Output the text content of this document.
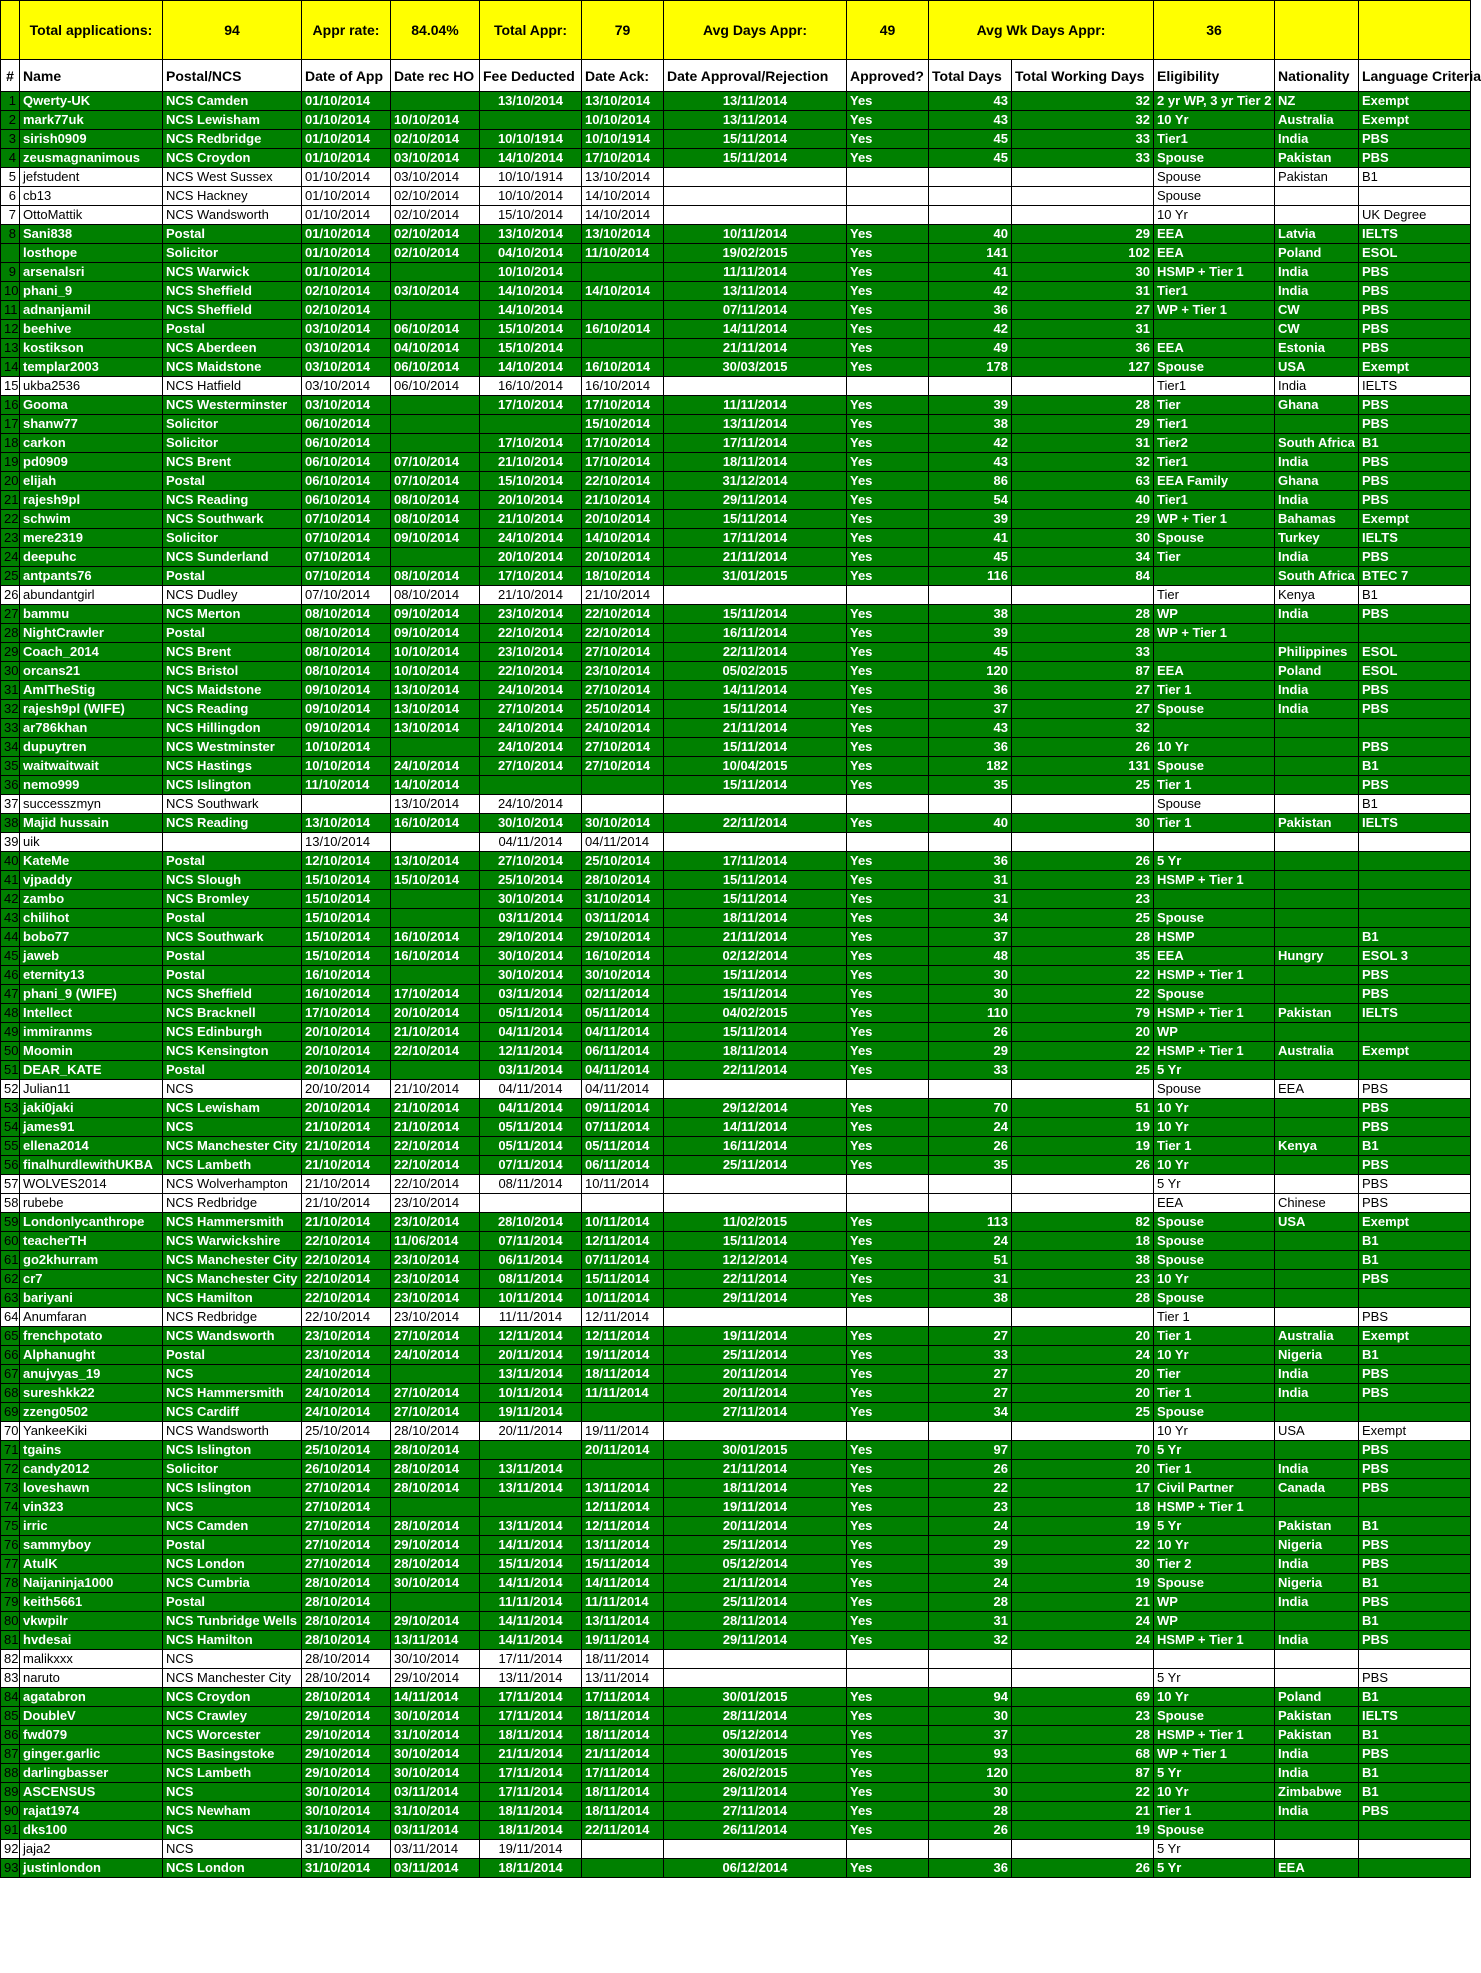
	Total applications:	94	Appr rate:	84.04%	Total Appr:	79	Avg Days Appr:	49	Avg Wk Days Appr:		36		
#	Name	Postal/NCS	Date of App	Date rec HO	Fee Deducted	Date Ack:	Date Approval/Rejection	Approved?	Total Days	Total Working Days	Eligibility	Nationality	Language Criteria
1	Qwerty-UK	NCS Camden	01/10/2014		13/10/2014	13/10/2014	13/11/2014	Yes	43	32	2 yr WP, 3 yr Tier 2	NZ	Exempt
2	mark77uk	NCS Lewisham	01/10/2014	10/10/2014		10/10/2014	13/11/2014	Yes	43	32	10 Yr	Australia	Exempt
3	sirish0909	NCS Redbridge	01/10/2014	02/10/2014	10/10/1914	10/10/1914	15/11/2014	Yes	45	33	Tier1	India	PBS
4	zeusmagnanimous	NCS Croydon	01/10/2014	03/10/2014	14/10/2014	17/10/2014	15/11/2014	Yes	45	33	Spouse	Pakistan	PBS
5	jefstudent	NCS West Sussex	01/10/2014	03/10/2014	10/10/1914	13/10/2014					Spouse	Pakistan	B1
6	cb13	NCS Hackney	01/10/2014	02/10/2014	10/10/2014	14/10/2014					Spouse		
7	OttoMattik	NCS Wandsworth	01/10/2014	02/10/2014	15/10/2014	14/10/2014					10 Yr		UK Degree
8	Sani838	Postal	01/10/2014	02/10/2014	13/10/2014	13/10/2014	10/11/2014	Yes	40	29	EEA	Latvia	IELTS
	losthope	Solicitor	01/10/2014	02/10/2014	04/10/2014	11/10/2014	19/02/2015	Yes	141	102	EEA	Poland	ESOL
9	arsenalsri	NCS Warwick	01/10/2014		10/10/2014		11/11/2014	Yes	41	30	HSMP + Tier 1	India	PBS
10	phani_9	NCS Sheffield	02/10/2014	03/10/2014	14/10/2014	14/10/2014	13/11/2014	Yes	42	31	Tier1	India	PBS
11	adnanjamil	NCS Sheffield	02/10/2014		14/10/2014		07/11/2014	Yes	36	27	WP + Tier 1	CW	PBS
12	beehive	Postal	03/10/2014	06/10/2014	15/10/2014	16/10/2014	14/11/2014	Yes	42	31		CW	PBS
13	kostikson	NCS Aberdeen	03/10/2014	04/10/2014	15/10/2014		21/11/2014	Yes	49	36	EEA	Estonia	PBS
14	templar2003	NCS Maidstone	03/10/2014	06/10/2014	14/10/2014	16/10/2014	30/03/2015	Yes	178	127	Spouse	USA	Exempt
15	ukba2536	NCS Hatfield	03/10/2014	06/10/2014	16/10/2014	16/10/2014					Tier1	India	IELTS
16	Gooma	NCS Westerminster	03/10/2014		17/10/2014	17/10/2014	11/11/2014	Yes	39	28	Tier	Ghana	PBS
17	shanw77	Solicitor	06/10/2014			15/10/2014	13/11/2014	Yes	38	29	Tier1		PBS
18	carkon	Solicitor	06/10/2014		17/10/2014	17/10/2014	17/11/2014	Yes	42	31	Tier2	South Africa	B1
19	pd0909	NCS Brent	06/10/2014	07/10/2014	21/10/2014	17/10/2014	18/11/2014	Yes	43	32	Tier1	India	PBS
20	elijah	Postal	06/10/2014	07/10/2014	15/10/2014	22/10/2014	31/12/2014	Yes	86	63	EEA Family	Ghana	PBS
21	rajesh9pl	NCS Reading	06/10/2014	08/10/2014	20/10/2014	21/10/2014	29/11/2014	Yes	54	40	Tier1	India	PBS
22	schwim	NCS Southwark	07/10/2014	08/10/2014	21/10/2014	20/10/2014	15/11/2014	Yes	39	29	WP + Tier 1	Bahamas	Exempt
23	mere2319	Solicitor	07/10/2014	09/10/2014	24/10/2014	14/10/2014	17/11/2014	Yes	41	30	Spouse	Turkey	IELTS
24	deepuhc	NCS Sunderland	07/10/2014		20/10/2014	20/10/2014	21/11/2014	Yes	45	34	Tier	India	PBS
25	antpants76	Postal	07/10/2014	08/10/2014	17/10/2014	18/10/2014	31/01/2015	Yes	116	84		South Africa	BTEC 7
26	abundantgirl	NCS Dudley	07/10/2014	08/10/2014	21/10/2014	21/10/2014					Tier	Kenya	B1
27	bammu	NCS Merton	08/10/2014	09/10/2014	23/10/2014	22/10/2014	15/11/2014	Yes	38	28	WP	India	PBS
28	NightCrawler	Postal	08/10/2014	09/10/2014	22/10/2014	22/10/2014	16/11/2014	Yes	39	28	WP + Tier 1		
29	Coach_2014	NCS Brent	08/10/2014	10/10/2014	23/10/2014	27/10/2014	22/11/2014	Yes	45	33		Philippines	ESOL
30	orcans21	NCS Bristol	08/10/2014	10/10/2014	22/10/2014	23/10/2014	05/02/2015	Yes	120	87	EEA	Poland	ESOL
31	AmITheStig	NCS Maidstone	09/10/2014	13/10/2014	24/10/2014	27/10/2014	14/11/2014	Yes	36	27	Tier 1	India	PBS
32	rajesh9pl (WIFE)	NCS Reading	09/10/2014	13/10/2014	27/10/2014	25/10/2014	15/11/2014	Yes	37	27	Spouse	India	PBS
33	ar786khan	NCS Hillingdon	09/10/2014	13/10/2014	24/10/2014	24/10/2014	21/11/2014	Yes	43	32			
34	dupuytren	NCS Westminster	10/10/2014		24/10/2014	27/10/2014	15/11/2014	Yes	36	26	10 Yr		PBS
35	waitwaitwait	NCS Hastings	10/10/2014	24/10/2014	27/10/2014	27/10/2014	10/04/2015	Yes	182	131	Spouse		B1
36	nemo999	NCS Islington	11/10/2014	14/10/2014			15/11/2014	Yes	35	25	Tier 1		PBS
37	successzmyn	NCS Southwark		13/10/2014	24/10/2014						Spouse		B1
38	Majid hussain	NCS Reading	13/10/2014	16/10/2014	30/10/2014	30/10/2014	22/11/2014	Yes	40	30	Tier 1	Pakistan	IELTS
39	uik		13/10/2014		04/11/2014	04/11/2014							
40	KateMe	Postal	12/10/2014	13/10/2014	27/10/2014	25/10/2014	17/11/2014	Yes	36	26	5 Yr		
41	vjpaddy	NCS Slough	15/10/2014	15/10/2014	25/10/2014	28/10/2014	15/11/2014	Yes	31	23	HSMP + Tier 1		
42	zambo	NCS Bromley	15/10/2014		30/10/2014	31/10/2014	15/11/2014	Yes	31	23			
43	chilihot	Postal	15/10/2014		03/11/2014	03/11/2014	18/11/2014	Yes	34	25	Spouse		
44	bobo77	NCS Southwark	15/10/2014	16/10/2014	29/10/2014	29/10/2014	21/11/2014	Yes	37	28	HSMP		B1
45	jaweb	Postal	15/10/2014	16/10/2014	30/10/2014	16/10/2014	02/12/2014	Yes	48	35	EEA	Hungry	ESOL 3
46	eternity13	Postal	16/10/2014		30/10/2014	30/10/2014	15/11/2014	Yes	30	22	HSMP + Tier 1		PBS
47	phani_9 (WIFE)	NCS Sheffield	16/10/2014	17/10/2014	03/11/2014	02/11/2014	15/11/2014	Yes	30	22	Spouse		PBS
48	Intellect	NCS Bracknell	17/10/2014	20/10/2014	05/11/2014	05/11/2014	04/02/2015	Yes	110	79	HSMP + Tier 1	Pakistan	IELTS
49	immiranms	NCS Edinburgh	20/10/2014	21/10/2014	04/11/2014	04/11/2014	15/11/2014	Yes	26	20	WP		
50	Moomin	NCS Kensington	20/10/2014	22/10/2014	12/11/2014	06/11/2014	18/11/2014	Yes	29	22	HSMP + Tier 1	Australia	Exempt
51	DEAR_KATE	Postal	20/10/2014		03/11/2014	04/11/2014	22/11/2014	Yes	33	25	5 Yr		
52	Julian11	NCS	20/10/2014	21/10/2014	04/11/2014	04/11/2014					Spouse	EEA	PBS
53	jaki0jaki	NCS Lewisham	20/10/2014	21/10/2014	04/11/2014	09/11/2014	29/12/2014	Yes	70	51	10 Yr		PBS
54	james91	NCS	21/10/2014	21/10/2014	05/11/2014	07/11/2014	14/11/2014	Yes	24	19	10 Yr		PBS
55	ellena2014	NCS Manchester City	21/10/2014	22/10/2014	05/11/2014	05/11/2014	16/11/2014	Yes	26	19	Tier 1	Kenya	B1
56	finalhurdlewithUKBA	NCS Lambeth	21/10/2014	22/10/2014	07/11/2014	06/11/2014	25/11/2014	Yes	35	26	10 Yr		PBS
57	WOLVES2014	NCS Wolverhampton	21/10/2014	22/10/2014	08/11/2014	10/11/2014					5 Yr		PBS
58	rubebe	NCS Redbridge	21/10/2014	23/10/2014							EEA	Chinese	PBS
59	Londonlycanthrope	NCS Hammersmith	21/10/2014	23/10/2014	28/10/2014	10/11/2014	11/02/2015	Yes	113	82	Spouse	USA	Exempt
60	teacherTH	NCS Warwickshire	22/10/2014	11/06/2014	07/11/2014	12/11/2014	15/11/2014	Yes	24	18	Spouse		B1
61	go2khurram	NCS Manchester City	22/10/2014	23/10/2014	06/11/2014	07/11/2014	12/12/2014	Yes	51	38	Spouse		B1
62	cr7	NCS Manchester City	22/10/2014	23/10/2014	08/11/2014	15/11/2014	22/11/2014	Yes	31	23	10 Yr		PBS
63	bariyani	NCS Hamilton	22/10/2014	23/10/2014	10/11/2014	10/11/2014	29/11/2014	Yes	38	28	Spouse		
64	Anumfaran	NCS Redbridge	22/10/2014	23/10/2014	11/11/2014	12/11/2014					Tier 1		PBS
65	frenchpotato	NCS Wandsworth	23/10/2014	27/10/2014	12/11/2014	12/11/2014	19/11/2014	Yes	27	20	Tier 1	Australia	Exempt
66	Alphanught	Postal	23/10/2014	24/10/2014	20/11/2014	19/11/2014	25/11/2014	Yes	33	24	10 Yr	Nigeria	B1
67	anujvyas_19	NCS	24/10/2014		13/11/2014	18/11/2014	20/11/2014	Yes	27	20	Tier	India	PBS
68	sureshkk22	NCS Hammersmith	24/10/2014	27/10/2014	10/11/2014	11/11/2014	20/11/2014	Yes	27	20	Tier 1	India	PBS
69	zzeng0502	NCS Cardiff	24/10/2014	27/10/2014	19/11/2014		27/11/2014	Yes	34	25	Spouse		
70	YankeeKiki	NCS Wandsworth	25/10/2014	28/10/2014	20/11/2014	19/11/2014					10 Yr	USA	Exempt
71	tgains	NCS Islington	25/10/2014	28/10/2014		20/11/2014	30/01/2015	Yes	97	70	5 Yr		PBS
72	candy2012	Solicitor	26/10/2014	28/10/2014	13/11/2014		21/11/2014	Yes	26	20	Tier 1	India	PBS
73	loveshawn	NCS Islington	27/10/2014	28/10/2014	13/11/2014	13/11/2014	18/11/2014	Yes	22	17	Civil Partner	Canada	PBS
74	vin323	NCS	27/10/2014			12/11/2014	19/11/2014	Yes	23	18	HSMP + Tier 1		
75	irric	NCS Camden	27/10/2014	28/10/2014	13/11/2014	12/11/2014	20/11/2014	Yes	24	19	5 Yr	Pakistan	B1
76	sammyboy	Postal	27/10/2014	29/10/2014	14/11/2014	13/11/2014	25/11/2014	Yes	29	22	10 Yr	Nigeria	PBS
77	AtulK	NCS London	27/10/2014	28/10/2014	15/11/2014	15/11/2014	05/12/2014	Yes	39	30	Tier 2	India	PBS
78	Naijaninja1000	NCS Cumbria	28/10/2014	30/10/2014	14/11/2014	14/11/2014	21/11/2014	Yes	24	19	Spouse	Nigeria	B1
79	keith5661	Postal	28/10/2014		11/11/2014	11/11/2014	25/11/2014	Yes	28	21	WP	India	PBS
80	vkwpilr	NCS Tunbridge Wells	28/10/2014	29/10/2014	14/11/2014	13/11/2014	28/11/2014	Yes	31	24	WP		B1
81	hvdesai	NCS Hamilton	28/10/2014	13/11/2014	14/11/2014	19/11/2014	29/11/2014	Yes	32	24	HSMP + Tier 1	India	PBS
82	malikxxx	NCS	28/10/2014	30/10/2014	17/11/2014	18/11/2014							
83	naruto	NCS Manchester City	28/10/2014	29/10/2014	13/11/2014	13/11/2014					5 Yr		PBS
84	agatabron	NCS Croydon	28/10/2014	14/11/2014	17/11/2014	17/11/2014	30/01/2015	Yes	94	69	10 Yr	Poland	B1
85	DoubleV	NCS Crawley	29/10/2014	30/10/2014	17/11/2014	18/11/2014	28/11/2014	Yes	30	23	Spouse	Pakistan	IELTS
86	fwd079	NCS Worcester	29/10/2014	31/10/2014	18/11/2014	18/11/2014	05/12/2014	Yes	37	28	HSMP + Tier 1	Pakistan	B1
87	ginger.garlic	NCS Basingstoke	29/10/2014	30/10/2014	21/11/2014	21/11/2014	30/01/2015	Yes	93	68	WP + Tier 1	India	PBS
88	darlingbasser	NCS Lambeth	29/10/2014	30/10/2014	17/11/2014	17/11/2014	26/02/2015	Yes	120	87	5 Yr	India	B1
89	ASCENSUS	NCS	30/10/2014	03/11/2014	17/11/2014	18/11/2014	29/11/2014	Yes	30	22	10 Yr	Zimbabwe	B1
90	rajat1974	NCS Newham	30/10/2014	31/10/2014	18/11/2014	18/11/2014	27/11/2014	Yes	28	21	Tier 1	India	PBS
91	dks100	NCS	31/10/2014	03/11/2014	18/11/2014	22/11/2014	26/11/2014	Yes	26	19	Spouse		
92	jaja2	NCS	31/10/2014	03/11/2014	19/11/2014						5 Yr		
93	justinlondon	NCS London	31/10/2014	03/11/2014	18/11/2014		06/12/2014	Yes	36	26	5 Yr	EEA	
